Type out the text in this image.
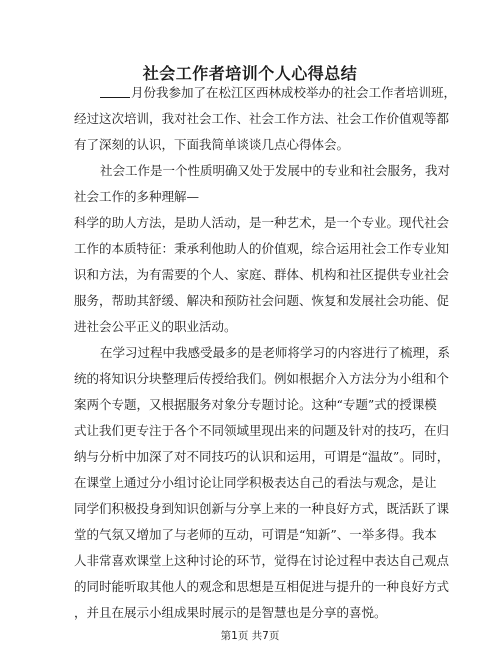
社会工作者培训个人心得总结
月份我参加了在松江区西林成校举办的社会工作者培训班，
经过这次培训，我对社会工作、社会工作方法、社会工作价值观等都
有了深刻的认识，下面我简单谈谈几点心得体会。
社会工作是一个性质明确又处于发展中的专业和社会服务，我对
社会工作的多种理解—
科学的助人方法，是助人活动，是一种艺术，是一个专业。现代社会
工作的本质特征：秉承利他助人的价值观，综合运用社会工作专业知
识和方法，为有需要的个人、家庭、群体、机构和社区提供专业社会
服务，帮助其舒缓、解决和预防社会问题、恢复和发展社会功能、促
进社会公平正义的职业活动。
在学习过程中我感受最多的是老师将学习的内容进行了梳理，系
统的将知识分块整理后传授给我们。例如根据介入方法分为小组和个
案两个专题，又根据服务对象分专题讨论。这种“专题”式的授课模
式让我们更专注于各个不同领域里现出来的问题及针对的技巧，在归
纳与分析中加深了对不同技巧的认识和运用，可谓是“温故”。同时，
在课堂上通过分小组讨论让同学积极表达自己的看法与观念，是让
同学们积极投身到知识创新与分享上来的一种良好方式，既活跃了课
堂的气氛又增加了与老师的互动，可谓是“知新”、一举多得。我本
人非常喜欢课堂上这种讨论的环节，觉得在讨论过程中表达自己观点
的同时能听取其他人的观念和思想是互相促进与提升的一种良好方式
，并且在展示小组成果时展示的是智慧也是分享的喜悦。
第1页 共7页
